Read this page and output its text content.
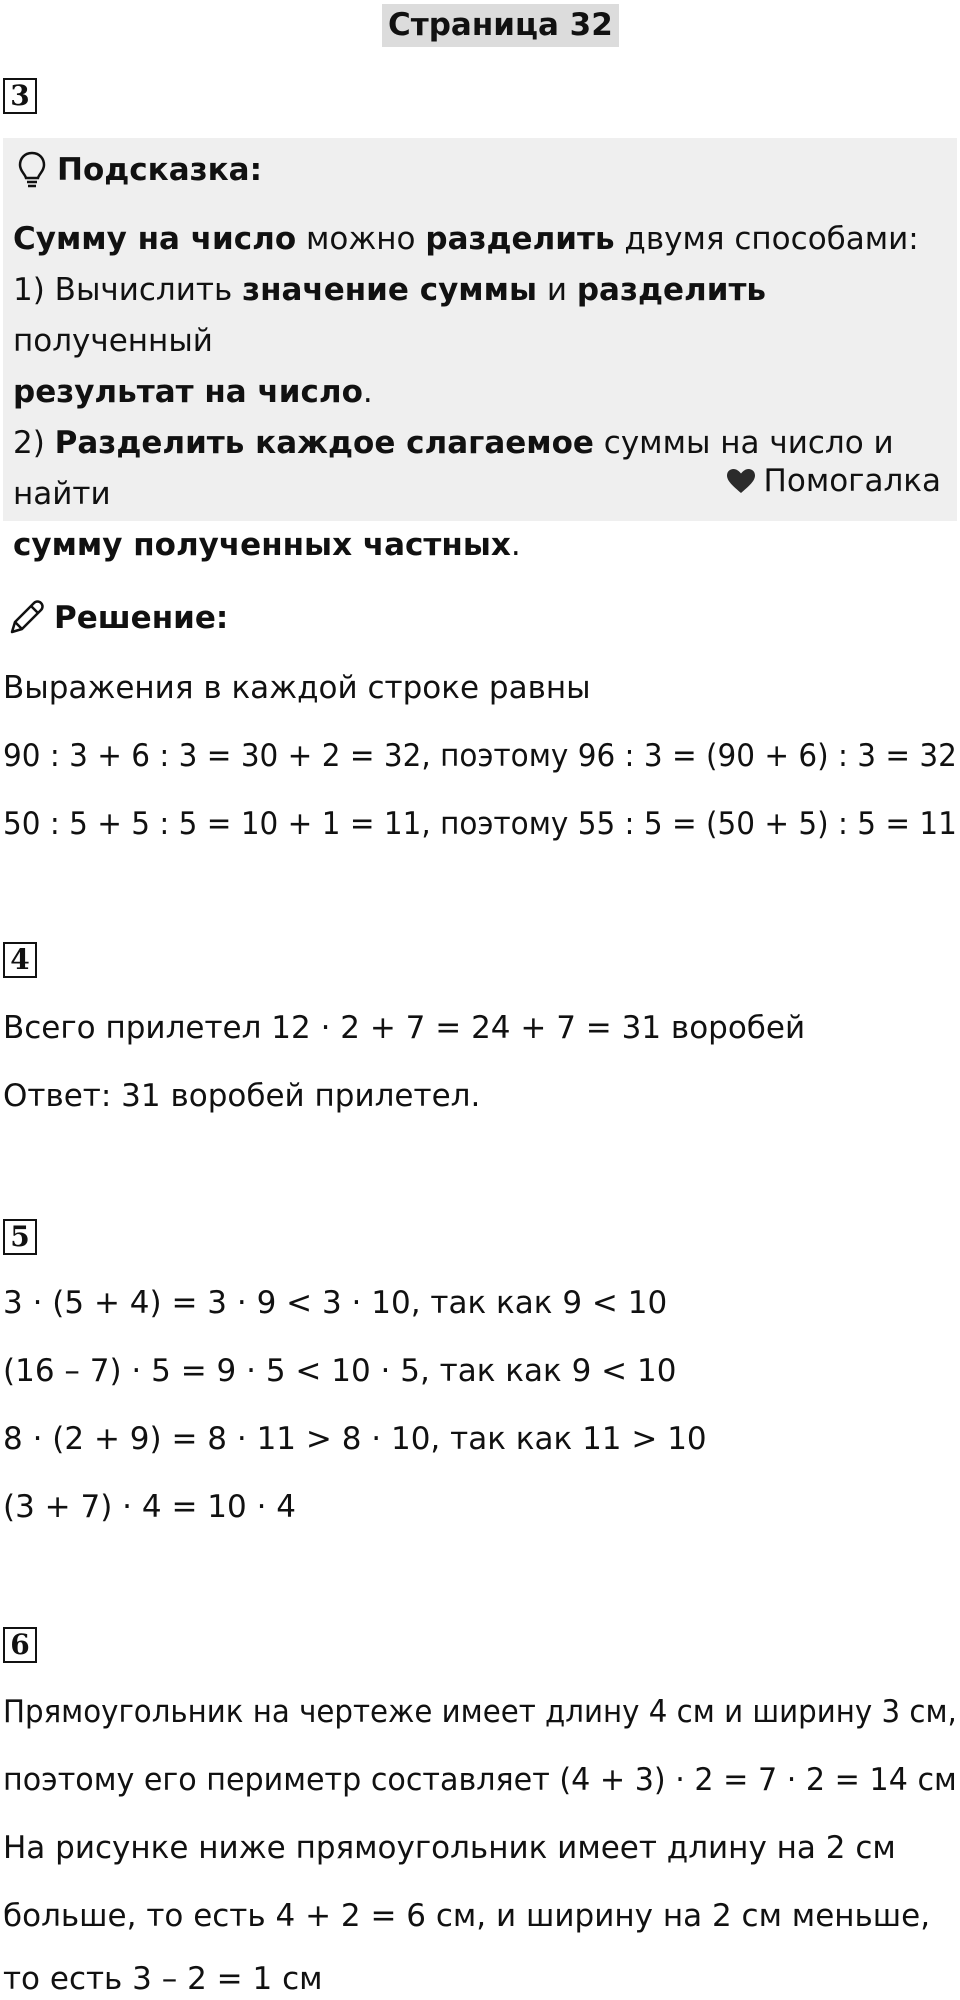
Страница 32
3
Подсказка:

Сумму на число можно разделить двумя способами:

1) Вычислить значение суммы и разделить полученный

результат на число.

2) Разделить каждое слагаемое суммы на число и найти

сумму полученных частных.

Помогалка
Решение:
Выражения в каждой строке равны
90 : 3 + 6 : 3 = 30 + 2 = 32, поэтому 96 : 3 = (90 + 6) : 3 = 32
50 : 5 + 5 : 5 = 10 + 1 = 11, поэтому 55 : 5 = (50 + 5) : 5 = 11
4
Всего прилетел 12 · 2 + 7 = 24 + 7 = 31 воробей
Ответ: 31 воробей прилетел.
5
3 · (5 + 4) = 3 · 9 < 3 · 10, так как 9 < 10
(16 – 7) · 5 = 9 · 5 < 10 · 5, так как 9 < 10
8 · (2 + 9) = 8 · 11 > 8 · 10, так как 11 > 10
(3 + 7) · 4 = 10 · 4
6
Прямоугольник на чертеже имеет длину 4 см и ширину 3 см,
поэтому его периметр составляет (4 + 3) · 2 = 7 · 2 = 14 см
На рисунке ниже прямоугольник имеет длину на 2 см
больше, то есть 4 + 2 = 6 см, и ширину на 2 см меньше,
то есть 3 – 2 = 1 см
